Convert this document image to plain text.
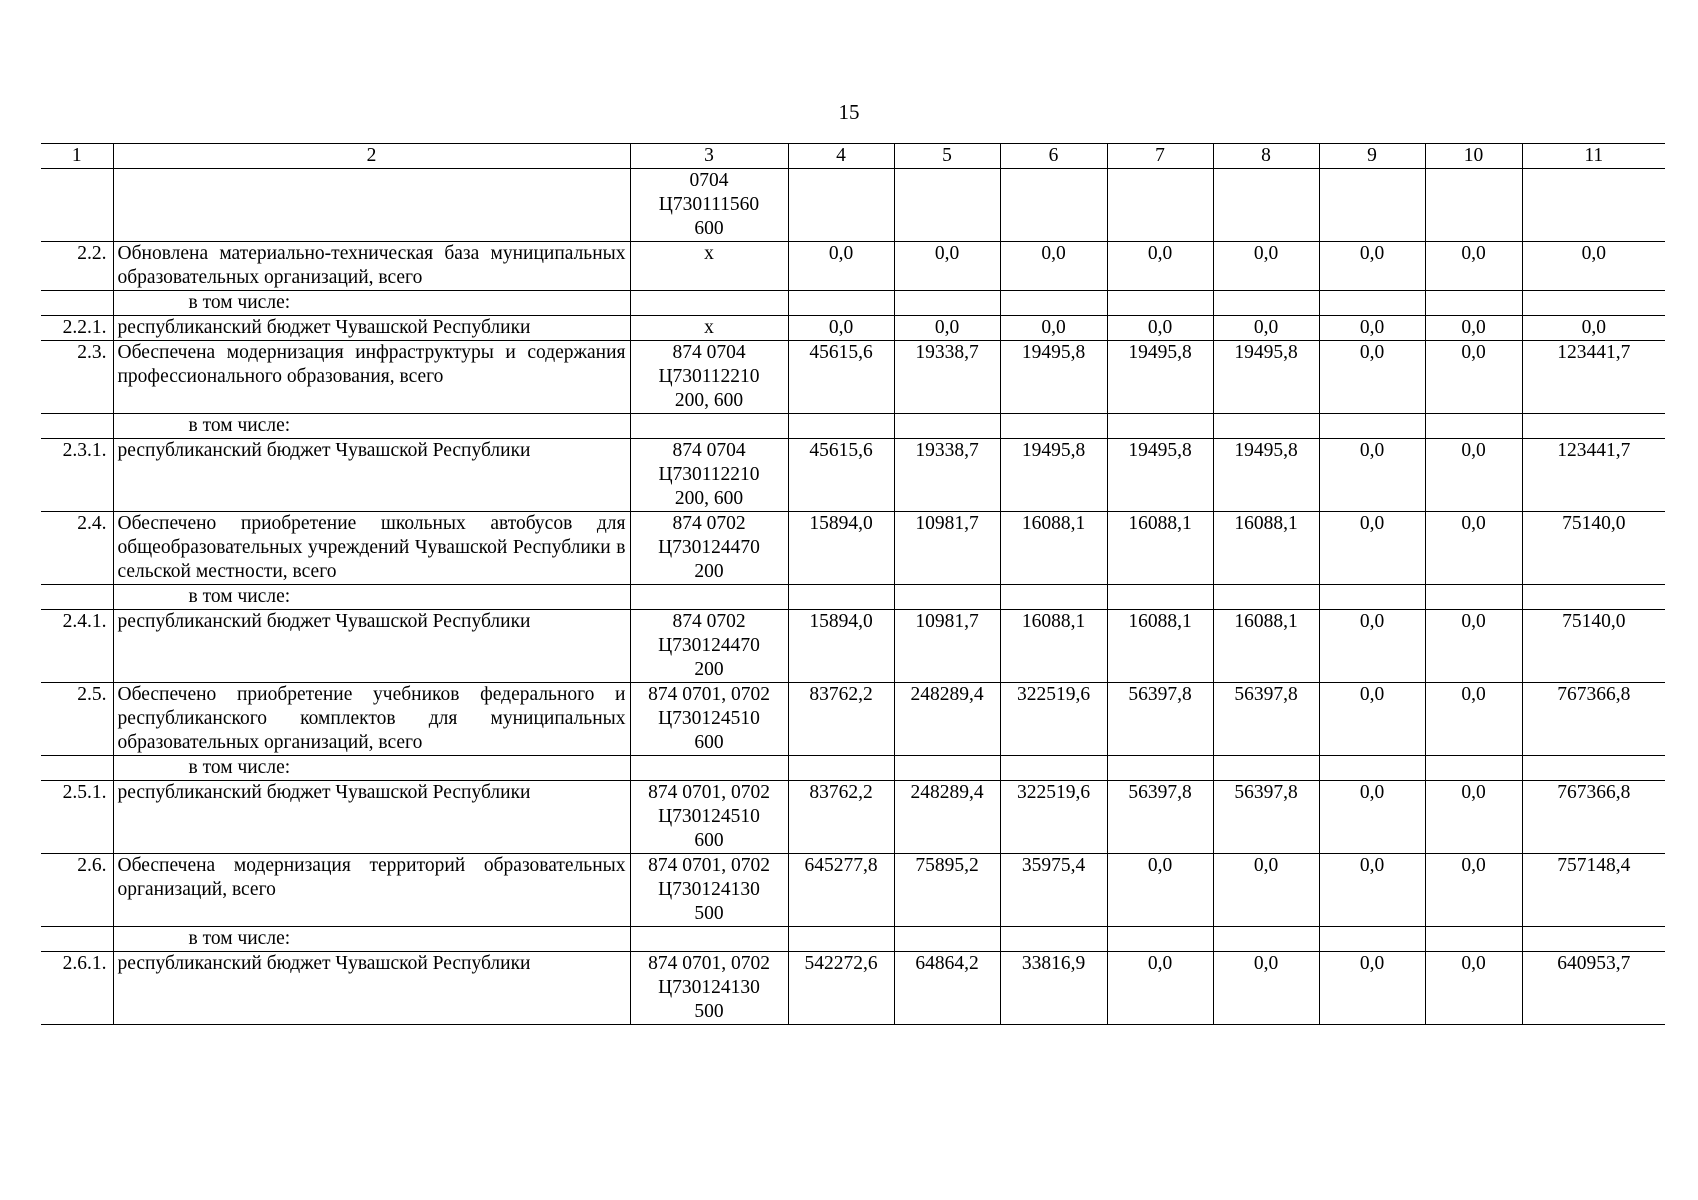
15
1	2	3	4	5	6	7	8	9	10	11
		0704
Ц730111560
600								
2.2.	Обновлена материально-техническая база муниципальных образовательных организаций, всего	х	0,0	0,0	0,0	0,0	0,0	0,0	0,0	0,0
	в том числе:									
2.2.1.	республиканский бюджет Чувашской Республики	х	0,0	0,0	0,0	0,0	0,0	0,0	0,0	0,0
2.3.	Обеспечена модернизация инфраструктуры и содержания профессионального образования, всего	874 0704
Ц730112210
200, 600	45615,6	19338,7	19495,8	19495,8	19495,8	0,0	0,0	123441,7
	в том числе:									
2.3.1.	республиканский бюджет Чувашской Республики	874 0704
Ц730112210
200, 600	45615,6	19338,7	19495,8	19495,8	19495,8	0,0	0,0	123441,7
2.4.	Обеспечено приобретение школьных автобусов для общеобразовательных учреждений Чувашской Республики в сельской местности, всего	874 0702
Ц730124470
200	15894,0	10981,7	16088,1	16088,1	16088,1	0,0	0,0	75140,0
	в том числе:									
2.4.1.	республиканский бюджет Чувашской Республики	874 0702
Ц730124470
200	15894,0	10981,7	16088,1	16088,1	16088,1	0,0	0,0	75140,0
2.5.	Обеспечено приобретение учебников федерального и республиканского комплектов для муниципальных образовательных организаций, всего	874 0701, 0702
Ц730124510
600	83762,2	248289,4	322519,6	56397,8	56397,8	0,0	0,0	767366,8
	в том числе:									
2.5.1.	республиканский бюджет Чувашской Республики	874 0701, 0702
Ц730124510
600	83762,2	248289,4	322519,6	56397,8	56397,8	0,0	0,0	767366,8
2.6.	Обеспечена модернизация территорий образовательных организаций, всего	874 0701, 0702
Ц730124130
500	645277,8	75895,2	35975,4	0,0	0,0	0,0	0,0	757148,4
	в том числе:									
2.6.1.	республиканский бюджет Чувашской Республики	874 0701, 0702
Ц730124130
500	542272,6	64864,2	33816,9	0,0	0,0	0,0	0,0	640953,7
